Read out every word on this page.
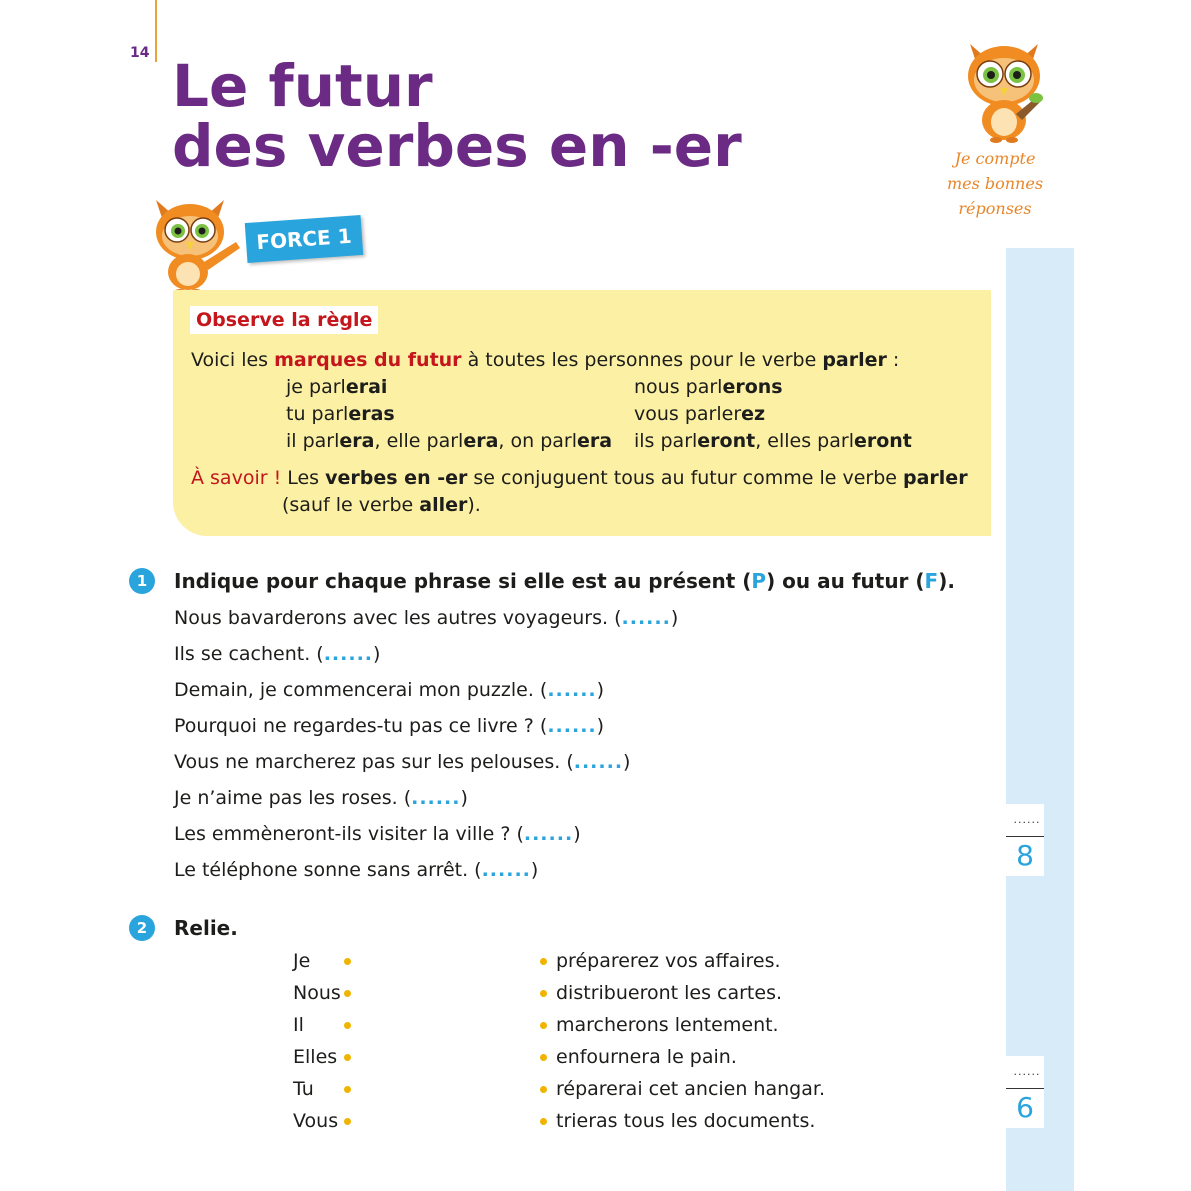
14 Le futur
des verbes en -er
......
8
......
6
Je compte mes bonnes réponses
FORCE 1
Observe la règle
Voici les marques du futur à toutes les personnes pour le verbe parler :
je parlerai
tu parleras
il parlera, elle parlera, on parlera
nous parlerons
vous parlerez
ils parleront, elles parleront
À savoir ! Les verbes en -er se conjuguent tous au futur comme le verbe parler
(sauf le verbe aller).
1	Indique pour chaque phrase si elle est au présent (P) ou au futur (F).
Nous bavarderons avec les autres voyageurs. (......)
Ils se cachent. (......)
Demain, je commencerai mon puzzle. (......)
Pourquoi ne regardes-tu pas ce livre ? (......)
Vous ne marcherez pas sur les pelouses. (......)
Je n’aime pas les roses. (......)
Les emmèneront-ils visiter la ville ? (......)
Le téléphone sonne sans arrêt. (......)
2	Relie.
Je
Nous
Il
Elles
Tu
Vous
préparerez vos affaires.
distribueront les cartes.
marcherons lentement.
enfournera le pain.
réparerai cet ancien hangar.
trieras tous les documents.
